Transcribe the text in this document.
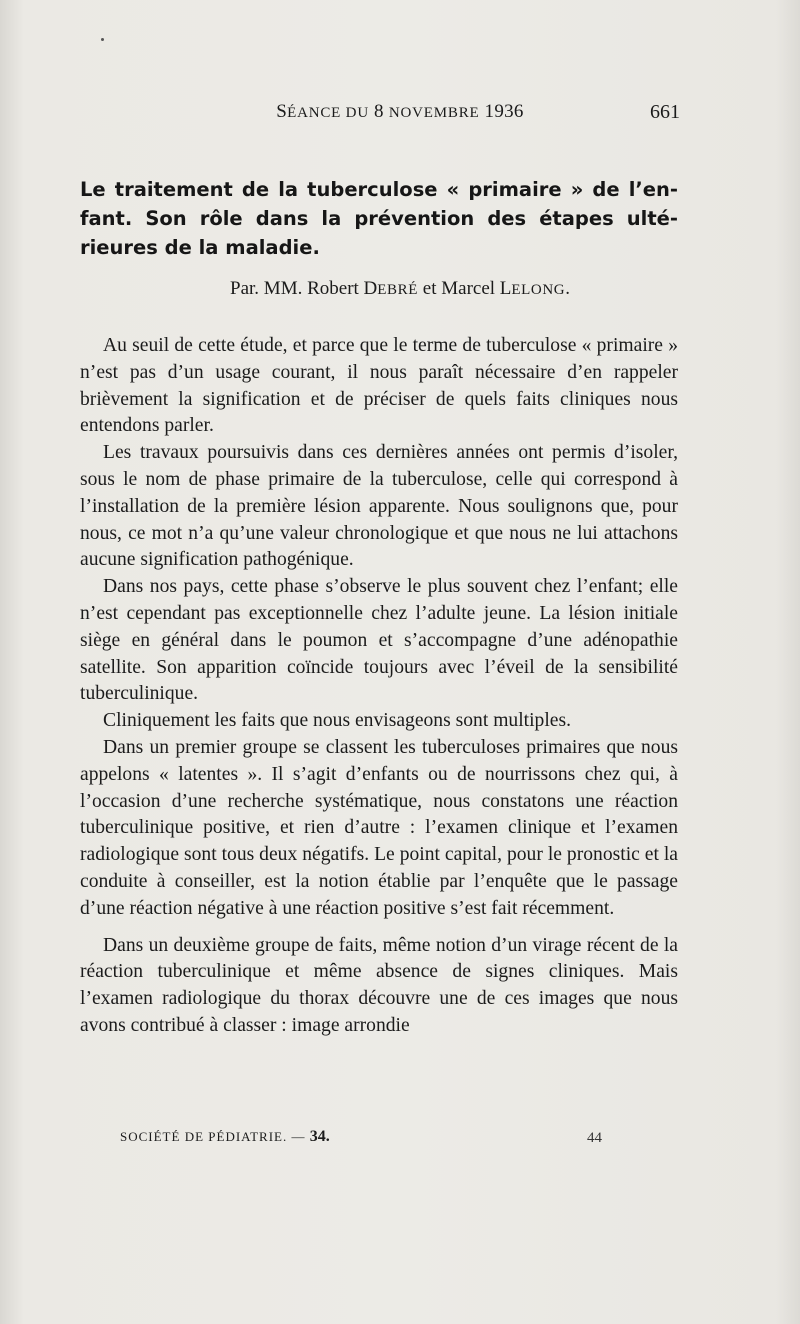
SÉANCE DU 8 NOVEMBRE 1936	661
Le traitement de la tuberculose « primaire » de l’enfant. Son rôle dans la prévention des étapes ultérieures de la maladie.
Par. MM. Robert DEBRÉ et Marcel LELONG.

Au seuil de cette étude, et parce que le terme de tuberculose « primaire » n’est pas d’un usage courant, il nous paraît nécessaire d’en rappeler brièvement la signification et de préciser de quels faits cliniques nous entendons parler.

Les travaux poursuivis dans ces dernières années ont permis d’isoler, sous le nom de phase primaire de la tuberculose, celle qui correspond à l’installation de la première lésion apparente. Nous soulignons que, pour nous, ce mot n’a qu’une valeur chronologique et que nous ne lui attachons aucune signification pathogénique.

Dans nos pays, cette phase s’observe le plus souvent chez l’enfant; elle n’est cependant pas exceptionnelle chez l’adulte jeune. La lésion initiale siège en général dans le poumon et s’accompagne d’une adénopathie satellite. Son apparition coïncide toujours avec l’éveil de la sensibilité tuberculinique.

Cliniquement les faits que nous envisageons sont multiples.

Dans un premier groupe se classent les tuberculoses primaires que nous appelons « latentes ». Il s’agit d’enfants ou de nourrissons chez qui, à l’occasion d’une recherche systématique, nous constatons une réaction tuberculinique positive, et rien d’autre : l’examen clinique et l’examen radiologique sont tous deux négatifs. Le point capital, pour le pronostic et la conduite à conseiller, est la notion établie par l’enquête que le passage d’une réaction négative à une réaction positive s’est fait récemment.

Dans un deuxième groupe de faits, même notion d’un virage récent de la réaction tuberculinique et même absence de signes cliniques. Mais l’examen radiologique du thorax découvre une de ces images que nous avons contribué à classer : image arrondie

SOCIÉTÉ DE PÉDIATRIE. — 34.	44
